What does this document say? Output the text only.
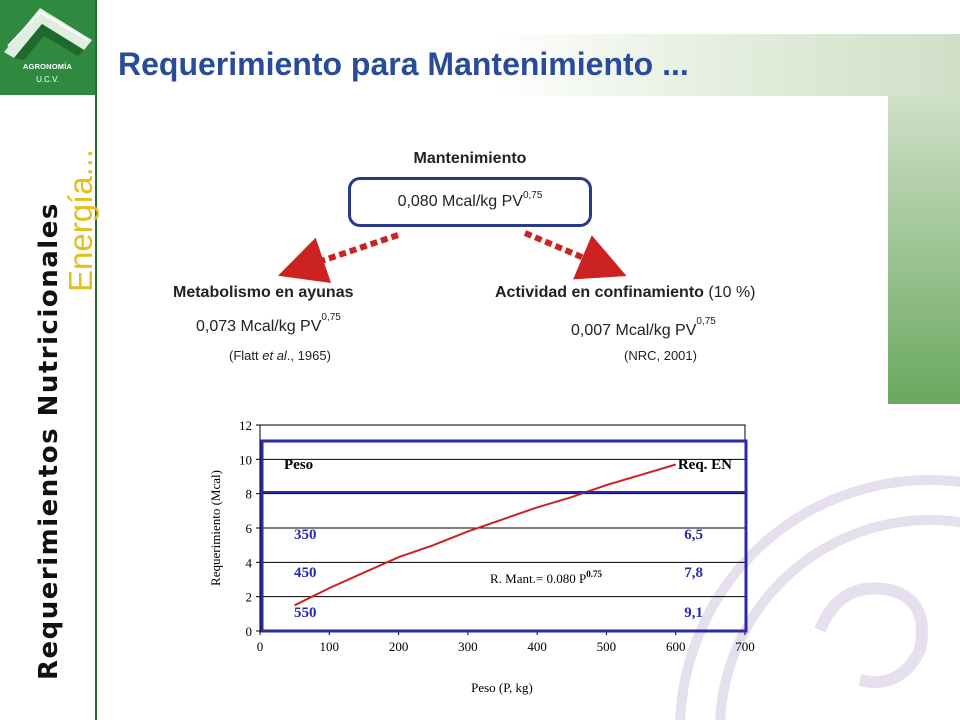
AGRONOMÍA
U.C.V.
Requerimientos Nutricionales
Energía...
Requerimiento para Mantenimiento ...
Mantenimiento
0,080 Mcal/kg PV$^{0,75}$
Metabolismo en ayunas
0,073 Mcal/kg PV$^{0,75}$
(Flatt et al., 1965)
Actividad en confinamiento (10 %)
0,007 Mcal/kg PV$^{0,75}$
(NRC, 2001)
0
2
4
6
8
10
12
0	100	200	300	400	500	600	700
Peso	Req. EN
350	6,5
450	7,8
550	9,1
R. Mant.= 0.080 $P^{0.75}$
Requerimiento (Mcal)
Peso (P, kg)
